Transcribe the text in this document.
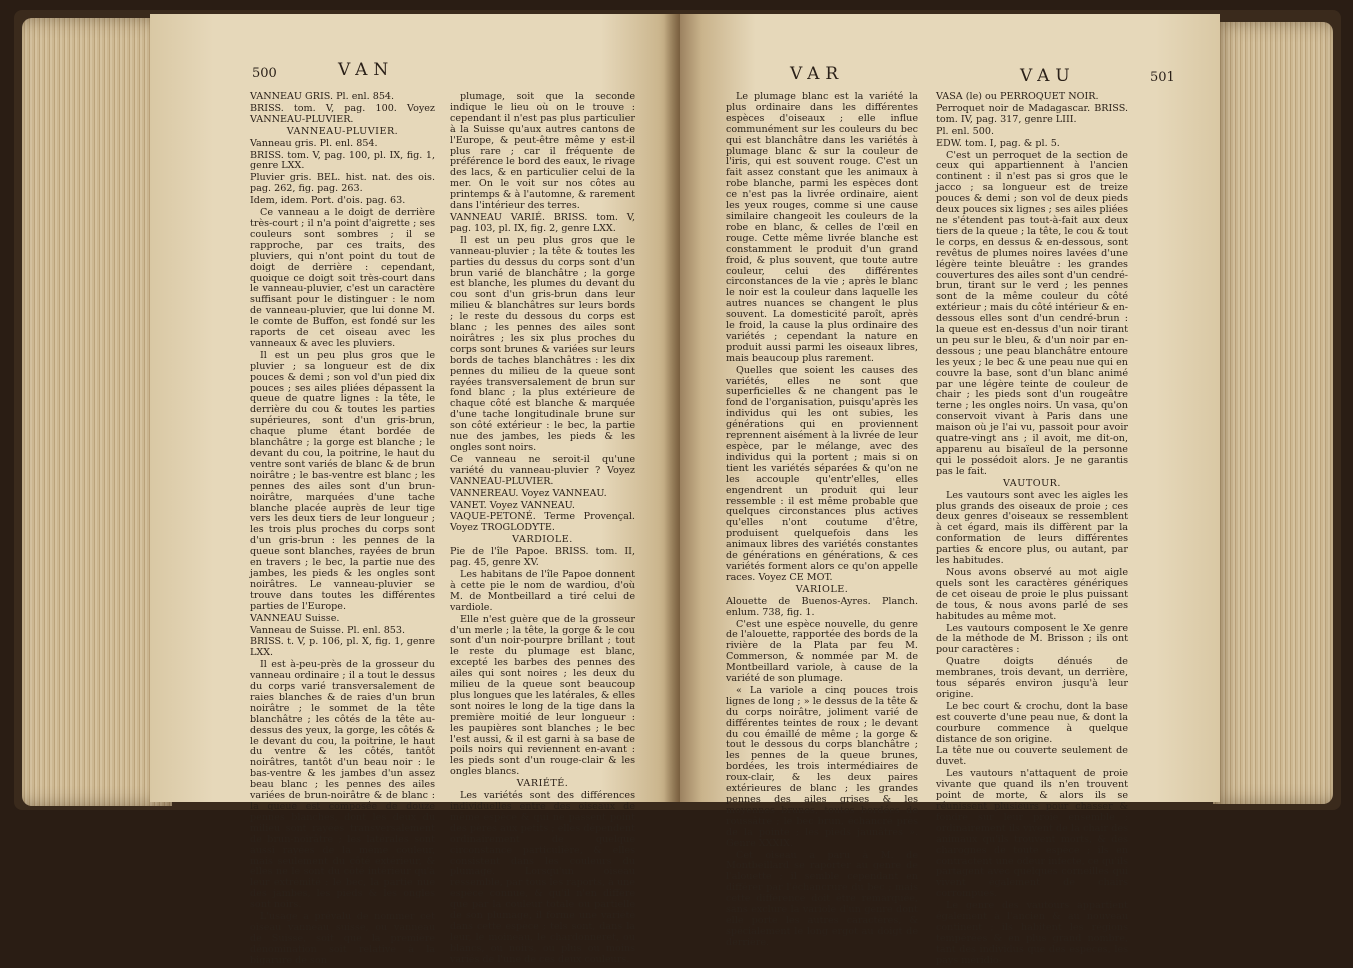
500	VAN

VANNEAU GRIS. Pl. enl. 854.

BRISS. tom. V, pag. 100. Voyez VANNEAU-PLUVIER.

VANNEAU-PLUVIER.

Vanneau gris. Pl. enl. 854.

BRISS. tom. V, pag. 100, pl. IX, fig. 1, genre LXX.

Pluvier gris. BEL. hist. nat. des ois. pag. 262, fig. pag. 263.

Idem, idem. Port. d'ois. pag. 63.

Ce vanneau a le doigt de derrière très-court ; il n'a point d'aigrette ; ses couleurs sont sombres ; il se rapproche, par ces traits, des pluviers, qui n'ont point du tout de doigt de derrière : cependant, quoique ce doigt soit très-court dans le vanneau-pluvier, c'est un caractère suffisant pour le distinguer : le nom de vanneau-pluvier, que lui donne M. le comte de Buffon, est fondé sur les raports de cet oiseau avec les vanneaux & avec les pluviers.

Il est un peu plus gros que le pluvier ; sa longueur est de dix pouces & demi ; son vol d'un pied dix pouces ; ses ailes pliées dépassent la queue de quatre lignes : la tête, le derrière du cou & toutes les parties supérieures, sont d'un gris-brun, chaque plume étant bordée de blanchâtre ; la gorge est blanche ; le devant du cou, la poitrine, le haut du ventre sont variés de blanc & de brun noirâtre ; le bas-ventre est blanc ; les pennes des ailes sont d'un brun-noirâtre, marquées d'une tache blanche placée auprès de leur tige vers les deux tiers de leur longueur ; les trois plus proches du corps sont d'un gris-brun : les pennes de la queue sont blanches, rayées de brun en travers ; le bec, la partie nue des jambes, les pieds & les ongles sont noirâtres. Le vanneau-pluvier se trouve dans toutes les différentes parties de l'Europe.

VANNEAU Suisse.

Vanneau de Suisse. Pl. enl. 853.

BRISS. t. V, p. 106, pl. X, fig. 1, genre LXX.

Il est à-peu-près de la grosseur du vanneau ordinaire ; il a tout le dessus du corps varié transversalement de raies blanches & de raies d'un brun noirâtre ; le sommet de la tête blanchâtre ; les côtés de la tête au-dessus des yeux, la gorge, les côtés & le devant du cou, la poitrine, le haut du ventre & les côtés, tantôt noirâtres, tantôt d'un beau noir : le bas-ventre & les jambes d'un assez beau blanc ; les pennes des ailes variées de brun-noirâtre & de blanc : la queue est composée de douze pennes blanches, dont les deux du milieu sont rayées transversalement de brun-noirâtre ; les latérales sont aussi rayées de la même couleur, mais seulement du côté extérieur, & elles ne le sont du côté intérieur qu'à leur extrémité : le bec, la partie nue des jambes, les pieds & les ongles sont noirs.

L'usage a prévalu de nommer cet oiseau vanneau suisse, ou vanneau de Suisse, soit que la première dénomination soit relative à la bigarure de son

plumage, soit que la seconde indique le lieu où on le trouve : cependant il n'est pas plus particulier à la Suisse qu'aux autres cantons de l'Europe, & peut-être même y est-il plus rare ; car il fréquente de préférence le bord des eaux, le rivage des lacs, & en particulier celui de la mer. On le voit sur nos côtes au printemps & à l'automne, & rarement dans l'intérieur des terres.

VANNEAU VARIÉ. BRISS. tom. V, pag. 103, pl. IX, fig. 2, genre LXX.

Il est un peu plus gros que le vanneau-pluvier ; la tête & toutes les parties du dessus du corps sont d'un brun varié de blanchâtre ; la gorge est blanche, les plumes du devant du cou sont d'un gris-brun dans leur milieu & blanchâtres sur leurs bords ; le reste du dessous du corps est blanc ; les pennes des ailes sont noirâtres ; les six plus proches du corps sont brunes & variées sur leurs bords de taches blanchâtres : les dix pennes du milieu de la queue sont rayées transversalement de brun sur fond blanc ; la plus extérieure de chaque côté est blanche & marquée d'une tache longitudinale brune sur son côté extérieur : le bec, la partie nue des jambes, les pieds & les ongles sont noirs.

Ce vanneau ne seroit-il qu'une variété du vanneau-pluvier ? Voyez VANNEAU-PLUVIER.

VANNEREAU. Voyez VANNEAU.

VANET. Voyez VANNEAU.

VAQUE-PETONÉ. Terme Provençal. Voyez TROGLODYTE.

VARDIOLE.

Pie de l'île Papoe. BRISS. tom. II, pag. 45, genre XV.

Les habitans de l'île Papoe donnent à cette pie le nom de wardiou, d'où M. de Montbeillard a tiré celui de vardiole.

Elle n'est guère que de la grosseur d'un merle ; la tête, la gorge & le cou sont d'un noir-pourpre brillant ; tout le reste du plumage est blanc, excepté les barbes des pennes des ailes qui sont noires ; les deux du milieu de la queue sont beaucoup plus longues que les latérales, & elles sont noires le long de la tige dans la première moitié de leur longueur : les paupières sont blanches ; le bec l'est aussi, & il est garni à sa base de poils noirs qui reviennent en-avant : les pieds sont d'un rouge-clair & les ongles blancs.

VARIÉTÉ.

Les variétés sont des différences individuelles entre des oiseaux de même espèce & qui ne passent point des pères aux petits ; elles dépendent ordinairement de quelque circonstance particulière, & elles consistent dans les couleurs du plumage. Lorsqu'un oiseau ressemble, par tous les raports, à une espèce connue, & qu'il n'en diffère que par la couleur totale ou partielle de son plumage, il forme une variété dans cette espèce ; tels sont, dans la leur, le moineau, le chardonneret, ou blancs, ou noirs, ou plus ou moins variés de l'une de ces deux couleurs.

501
VAR	VAU

Le plumage blanc est la variété la plus ordinaire dans les différentes espèces d'oiseaux ; elle influe communément sur les couleurs du bec qui est blanchâtre dans les variétés à plumage blanc & sur la couleur de l'iris, qui est souvent rouge. C'est un fait assez constant que les animaux à robe blanche, parmi les espèces dont ce n'est pas la livrée ordinaire, aient les yeux rouges, comme si une cause similaire changeoit les couleurs de la robe en blanc, & celles de l'œil en rouge. Cette même livrée blanche est constamment le produit d'un grand froid, & plus souvent, que toute autre couleur, celui des différentes circonstances de la vie ; après le blanc le noir est la couleur dans laquelle les autres nuances se changent le plus souvent. La domesticité paroît, après le froid, la cause la plus ordinaire des variétés ; cependant la nature en produit aussi parmi les oiseaux libres, mais beaucoup plus rarement.

Quelles que soient les causes des variétés, elles ne sont que superficielles & ne changent pas le fond de l'organisation, puisqu'après les individus qui les ont subies, les générations qui en proviennent reprennent aisément à la livrée de leur espèce, par le mélange, avec des individus qui la portent ; mais si on tient les variétés séparées & qu'on ne les accouple qu'entr'elles, elles engendrent un produit qui leur ressemble : il est même probable que quelques circonstances plus actives qu'elles n'ont coutume d'être, produisent quelquefois dans les animaux libres des variétés constantes de générations en générations, & ces variétés forment alors ce qu'on appelle races. Voyez CE MOT.

VARIOLE.

Alouette de Buenos-Ayres. Planch. enlum. 738, fig. 1.

C'est une espèce nouvelle, du genre de l'alouette, rapportée des bords de la rivière de la Plata par feu M. Commerson, & nommée par M. de Montbeillard variole, à cause de la variété de son plumage.

« La variole a cinq pouces trois lignes de long ; » le dessus de la tête & du corps noirâtre, joliment varié de différentes teintes de roux ; le devant du cou émaillé de même ; la gorge & tout le dessous du corps blanchâtre ; les pennes de la queue brunes, bordées, les trois intermédiaires de roux-clair, & les deux paires extérieures de blanc ; les grandes pennes des ailes grises & les moyennes brunes, toutes bordées de roussâtre ; le bec brun, échancré près de la pointe ; les pieds jaunâtres ». Genre XXXIX.

Cet oiseau a paru à M. de Montbeillard se raporter au genre de l'alouette ; il semble cependant en différer par l'échancrure du bec ; mais cette différence doit être remarquée, sans exclure la variole d'un genre dont elle porte les autres caractères, & spécialement le long ergot au doigt de derrière.

VASA (le) ou PERROQUET NOIR.

Perroquet noir de Madagascar. BRISS. tom. IV, pag. 317, genre LIII.

Pl. enl. 500.

EDW. tom. I, pag. & pl. 5.

C'est un perroquet de la section de ceux qui appartiennent à l'ancien continent : il n'est pas si gros que le jacco ; sa longueur est de treize pouces & demi ; son vol de deux pieds deux pouces six lignes ; ses ailes pliées ne s'étendent pas tout-à-fait aux deux tiers de la queue ; la tête, le cou & tout le corps, en dessus & en-dessous, sont revêtus de plumes noires lavées d'une légère teinte bleuâtre : les grandes couvertures des ailes sont d'un cendré-brun, tirant sur le verd ; les pennes sont de la même couleur du côté extérieur ; mais du côté intérieur & en-dessous elles sont d'un cendré-brun : la queue est en-dessus d'un noir tirant un peu sur le bleu, & d'un noir par en-dessous ; une peau blanchâtre entoure les yeux ; le bec & une peau nue qui en couvre la base, sont d'un blanc animé par une légère teinte de couleur de chair ; les pieds sont d'un rougeâtre terne ; les ongles noirs. Un vasa, qu'on conservoit vivant à Paris dans une maison où je l'ai vu, passoit pour avoir quatre-vingt ans ; il avoit, me dit-on, apparenu au bisaïeul de la personne qui le possédoit alors. Je ne garantis pas le fait.

VAUTOUR.

Les vautours sont avec les aigles les plus grands des oiseaux de proie ; ces deux genres d'oiseaux se ressemblent à cet égard, mais ils diffèrent par la conformation de leurs différentes parties & encore plus, ou autant, par les habitudes.

Nous avons observé au mot aigle quels sont les caractères génériques de cet oiseau de proie le plus puissant de tous, & nous avons parlé de ses habitudes au même mot.

Les vautours composent le Xe genre de la méthode de M. Brisson ; ils ont pour caractères :

Quatre doigts dénués de membranes, trois devant, un derrière, tous séparés environ jusqu'à leur origine.

Le bec court & crochu, dont la base est couverte d'une peau nue, & dont la courbure commence à quelque distance de son origine.

La tête nue ou couverte seulement de duvet.

Les vautours n'attaquent de proie vivante que quand ils n'en trouvent point de morte, & alors ils se réunissent plusieurs pour chasser & fondre sur leur proie ensemble ; ordinairement ils vivent de la chair des animaux qu'ils trouvent morts, & des charognes de toute espèce ; ils en contractent une odeur infecte, ce qu'ils partagent avec quelques corneilles qui vivent également de chairs corrompues.

Le genre des vautours appartient également à l'ancien & au nouveau continent ; ils habitent les régions tempérées & en plus grand nombre, tant des individus que des espèces, les pays méridio-
